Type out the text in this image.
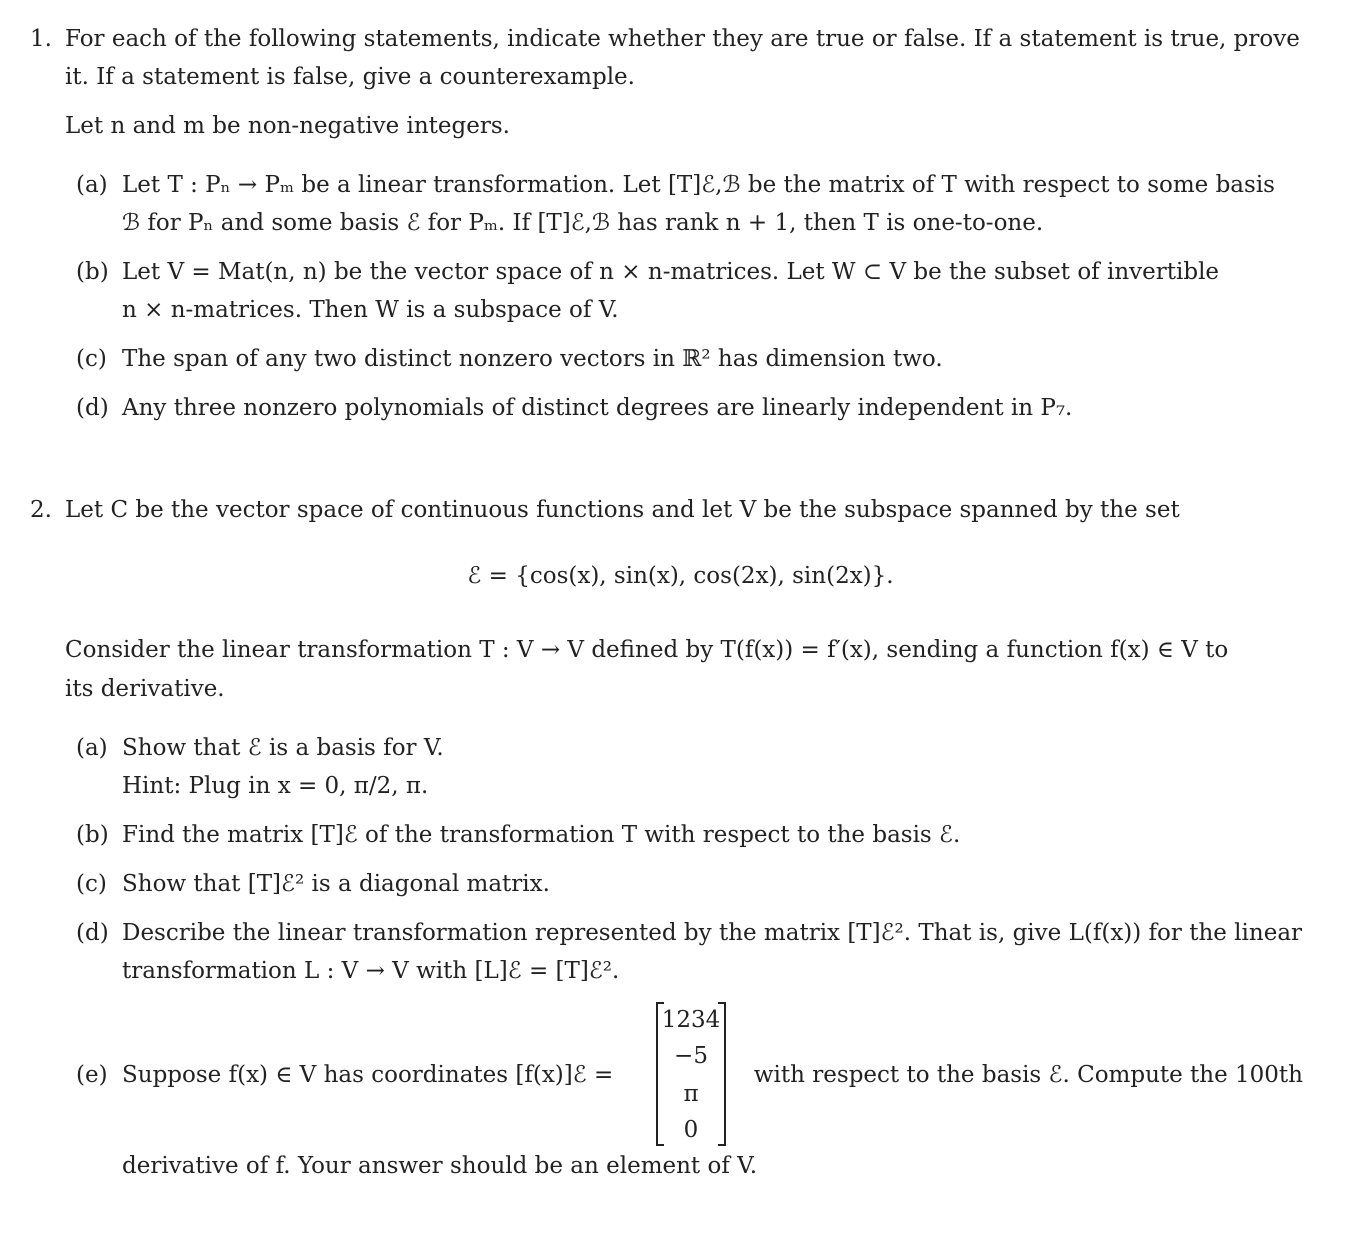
1. For each of the following statements, indicate whether they are true or false. If a statement is true, prove
it. If a statement is false, give a counterexample.
Let n and m be non-negative integers.
(a) Let T : Pₙ → Pₘ be a linear transformation. Let [T]ℰ,ℬ be the matrix of T with respect to some basis
ℬ for Pₙ and some basis ℰ for Pₘ. If [T]ℰ,ℬ has rank n + 1, then T is one-to-one.
(b) Let V = Mat(n, n) be the vector space of n × n-matrices. Let W ⊂ V be the subset of invertible
n × n-matrices. Then W is a subspace of V.
(c) The span of any two distinct nonzero vectors in ℝ² has dimension two.
(d) Any three nonzero polynomials of distinct degrees are linearly independent in P₇.
2. Let C be the vector space of continuous functions and let V be the subspace spanned by the set
ℰ = {cos(x), sin(x), cos(2x), sin(2x)}.
Consider the linear transformation T : V → V defined by T(f(x)) = f′(x), sending a function f(x) ∈ V to
its derivative.
(a) Show that ℰ is a basis for V.
Hint: Plug in x = 0, π/2, π.
(b) Find the matrix [T]ℰ of the transformation T with respect to the basis ℰ.
(c) Show that [T]ℰ² is a diagonal matrix.
(d) Describe the linear transformation represented by the matrix [T]ℰ². That is, give L(f(x)) for the linear
transformation L : V → V with [L]ℰ = [T]ℰ².
(e) Suppose f(x) ∈ V has coordinates [f(x)]ℰ =
1234
−5
π
0
with respect to the basis ℰ. Compute the 100th
derivative of f. Your answer should be an element of V.
